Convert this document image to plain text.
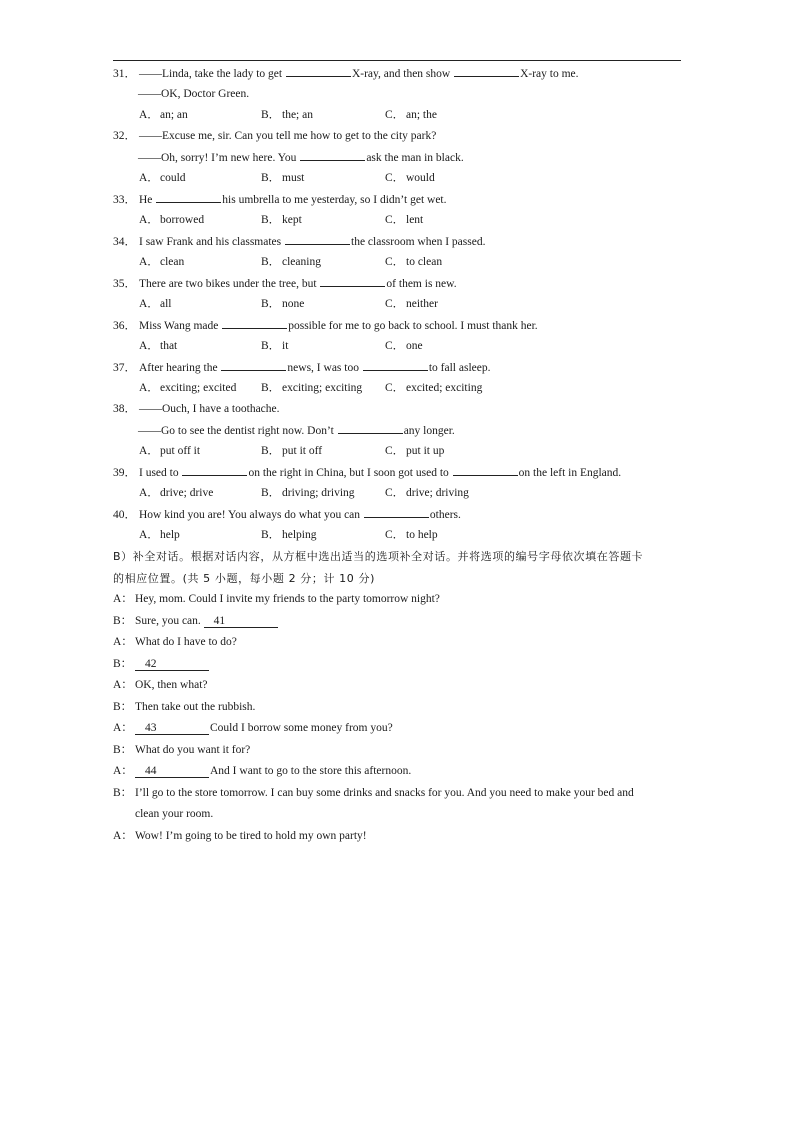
31． ——Linda, take the lady to get	X-ray, and then show	X-ray to me.
——OK, Doctor Green.
A．an; an	B． the; an	C． an; the
32． ——Excuse me, sir. Can you tell me how to get to the city park?
——Oh, sorry! I’m new here. You	ask the man in black.
A．could	B． must	C． would
33． He	his umbrella to me yesterday, so I didn’t get wet.
A．borrowed	B． kept	C． lent
34． I saw Frank and his classmates	the classroom when I passed.
A．clean	B． cleaning	C． to clean
35． There are two bikes under the tree, but	of them is new.
A．all	B． none	C． neither
36． Miss Wang made	possible for me to go back to school. I must thank her.
A．that	B． it	C． one
37． After hearing the	news, I was too	to fall asleep.
A．exciting; excited B． exciting; exciting C． excited; exciting
38． ——Ouch, I have a toothache.
——Go to see the dentist right now. Don’t	any longer.
A．put off it	B． put it off	C． put it up
39． I used to	on the right in China, but I soon got used to	on the left in England.
A．drive; drive	B． driving; driving	C． drive; driving
40． How kind you are! You always do what you can	others.
A．help	B． helping	C． to help
B）补全对话。根据对话内容，从方框中选出适当的选项补全对话。并将选项的编号字母依次填在答题卡
的相应位置。(共 5 小题，每小题 2 分；计 10 分)
A： Hey, mom. Could I invite my friends to the party tomorrow night?
B： Sure, you can. 41
A： What do I have to do?
B： 42
A： OK, then what?
B： Then take out the rubbish.
A： 43	Could I borrow some money from you?
B： What do you want it for?
A： 44	And I want to go to the store this afternoon.
B： I’ll go to the store tomorrow. I can buy some drinks and snacks for you. And you need to make your bed and
clean your room.
A： Wow! I’m going to be tired to hold my own party!
